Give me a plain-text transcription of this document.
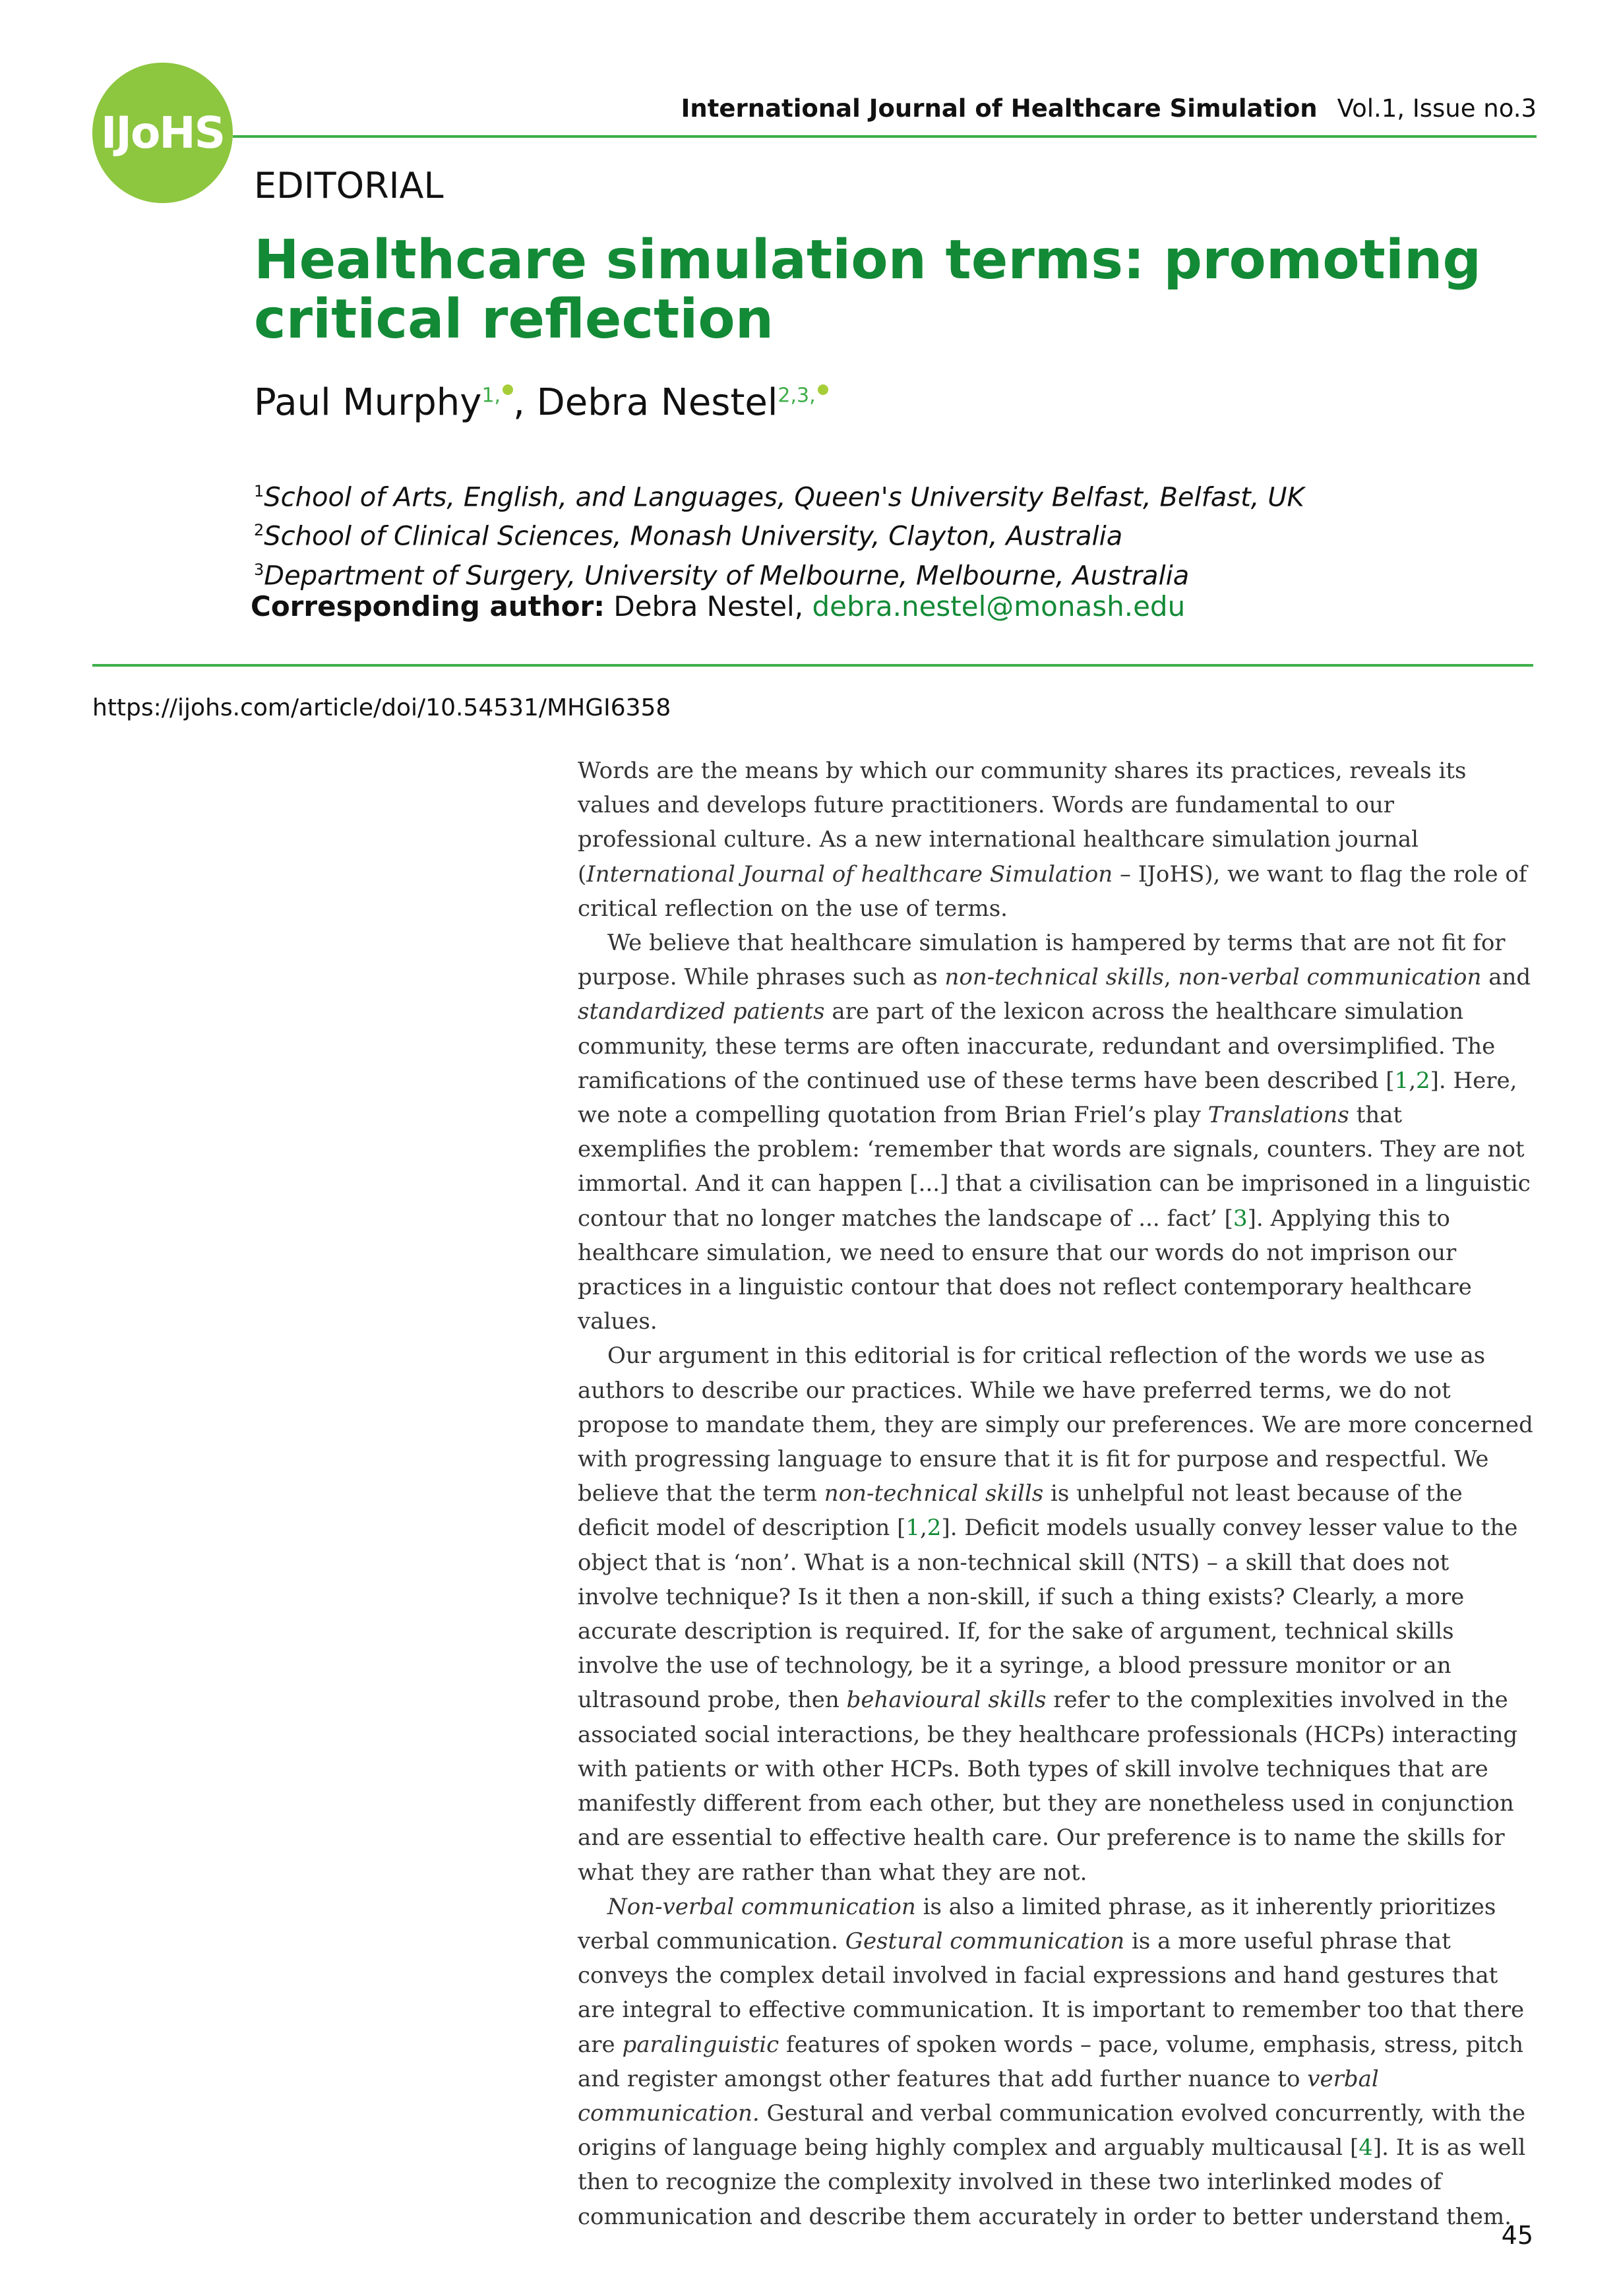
IJoHS	International Journal of Healthcare Simulation Vol.1, Issue no.3
EDITORIAL
Healthcare simulation terms: promoting critical reflection
Paul Murphy$^{1,}$ , Debra Nestel$^{2,3,}$
$^1$School of Arts, English, and Languages, Queen's University Belfast, Belfast, UK
$^2$School of Clinical Sciences, Monash University, Clayton, Australia
$^3$Department of Surgery, University of Melbourne, Melbourne, Australia
Corresponding author: Debra Nestel, debra.nestel@monash.edu
https://ijohs.com/article/doi/10.54531/MHGI6358

Words are the means by which our community shares its practices, reveals its values and develops future practitioners. Words are fundamental to our professional culture. As a new international healthcare simulation journal (International Journal of healthcare Simulation – IJoHS), we want to flag the role of critical reflection on the use of terms.

We believe that healthcare simulation is hampered by terms that are not fit for purpose. While phrases such as non-technical skills, non-verbal communication and standardized patients are part of the lexicon across the healthcare simulation community, these terms are often inaccurate, redundant and oversimplified. The ramifications of the continued use of these terms have been described [1,2]. Here, we note a compelling quotation from Brian Friel’s play Translations that exemplifies the problem: ‘remember that words are signals, counters. They are not immortal. And it can happen [...] that a civilisation can be imprisoned in a linguistic contour that no longer matches the landscape of ... fact’ [3]. Applying this to healthcare simulation, we need to ensure that our words do not imprison our practices in a linguistic contour that does not reflect contemporary healthcare values.

Our argument in this editorial is for critical reflection of the words we use as authors to describe our practices. While we have preferred terms, we do not propose to mandate them, they are simply our preferences. We are more concerned with progressing language to ensure that it is fit for purpose and respectful. We believe that the term non-technical skills is unhelpful not least because of the deficit model of description [1,2]. Deficit models usually convey lesser value to the object that is ‘non’. What is a non-technical skill (NTS) – a skill that does not involve technique? Is it then a non-skill, if such a thing exists? Clearly, a more accurate description is required. If, for the sake of argument, technical skills involve the use of technology, be it a syringe, a blood pressure monitor or an ultrasound probe, then behavioural skills refer to the complexities involved in the associated social interactions, be they healthcare professionals (HCPs) interacting with patients or with other HCPs. Both types of skill involve techniques that are manifestly different from each other, but they are nonetheless used in conjunction and are essential to effective health care. Our preference is to name the skills for what they are rather than what they are not.

Non-verbal communication is also a limited phrase, as it inherently prioritizes verbal communication. Gestural communication is a more useful phrase that conveys the complex detail involved in facial expressions and hand gestures that are integral to effective communication. It is important to remember too that there are paralinguistic features of spoken words – pace, volume, emphasis, stress, pitch and register amongst other features that add further nuance to verbal communication. Gestural and verbal communication evolved concurrently, with the origins of language being highly complex and arguably multicausal [4]. It is as well then to recognize the complexity involved in these two interlinked modes of communication and describe them accurately in order to better understand them.

45
